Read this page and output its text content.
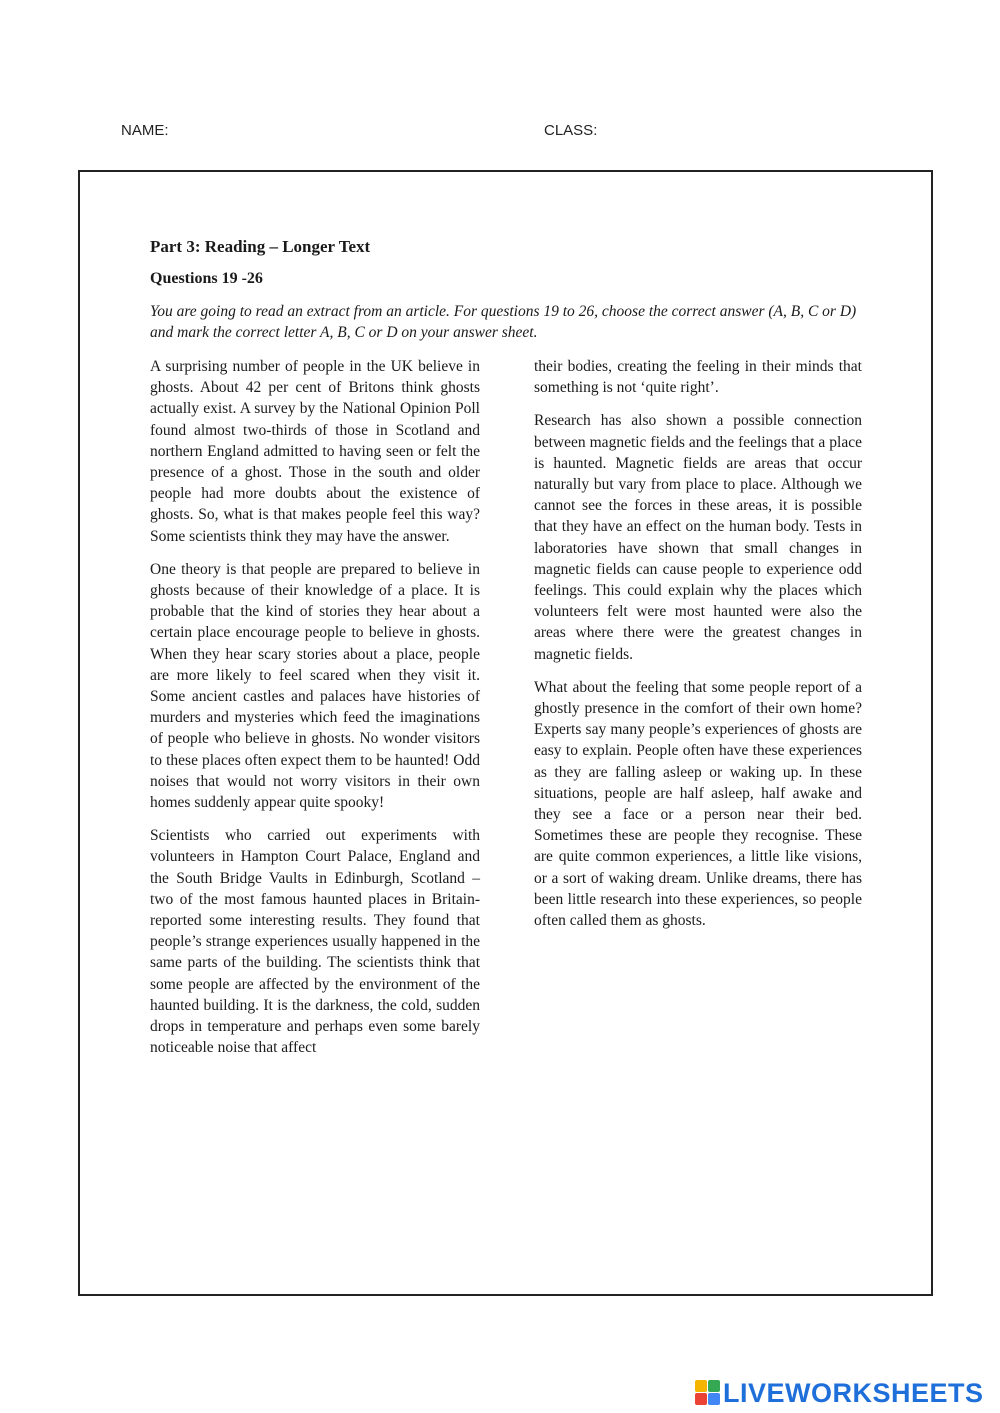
NAME:	CLASS:
Part 3: Reading – Longer Text
Questions 19 -26
You are going to read an extract from an article. For questions 19 to 26, choose the correct answer (A, B, C or D) and mark the correct letter A, B, C or D on your answer sheet.

A surprising number of people in the UK believe in ghosts. About 42 per cent of Britons think ghosts actually exist. A survey by the National Opinion Poll found almost two-thirds of those in Scotland and northern England admitted to having seen or felt the presence of a ghost. Those in the south and older people had more doubts about the existence of ghosts. So, what is that makes people feel this way? Some scientists think they may have the answer.

One theory is that people are prepared to believe in ghosts because of their knowledge of a place. It is probable that the kind of stories they hear about a certain place encourage people to believe in ghosts. When they hear scary stories about a place, people are more likely to feel scared when they visit it. Some ancient castles and palaces have histories of murders and mysteries which feed the imaginations of people who believe in ghosts. No wonder visitors to these places often expect them to be haunted! Odd noises that would not worry visitors in their own homes suddenly appear quite spooky!

Scientists who carried out experiments with volunteers in Hampton Court Palace, England and the South Bridge Vaults in Edinburgh, Scotland – two of the most famous haunted places in Britain- reported some interesting results. They found that people’s strange experiences usually happened in the same parts of the building. The scientists think that some people are affected by the environment of the haunted building. It is the darkness, the cold, sudden drops in temperature and perhaps even some barely noticeable noise that affect

their bodies, creating the feeling in their minds that something is not ‘quite right’.

Research has also shown a possible connection between magnetic fields and the feelings that a place is haunted. Magnetic fields are areas that occur naturally but vary from place to place. Although we cannot see the forces in these areas, it is possible that they have an effect on the human body. Tests in laboratories have shown that small changes in magnetic fields can cause people to experience odd feelings. This could explain why the places which volunteers felt were most haunted were also the areas where there were the greatest changes in magnetic fields.

What about the feeling that some people report of a ghostly presence in the comfort of their own home? Experts say many people’s experiences of ghosts are easy to explain. People often have these experiences as they are falling asleep or waking up. In these situations, people are half asleep, half awake and they see a face or a person near their bed. Sometimes these are people they recognise. These are quite common experiences, a little like visions, or a sort of waking dream. Unlike dreams, there has been little research into these experiences, so people often called them as ghosts.

LIVEWORKSHEETS
